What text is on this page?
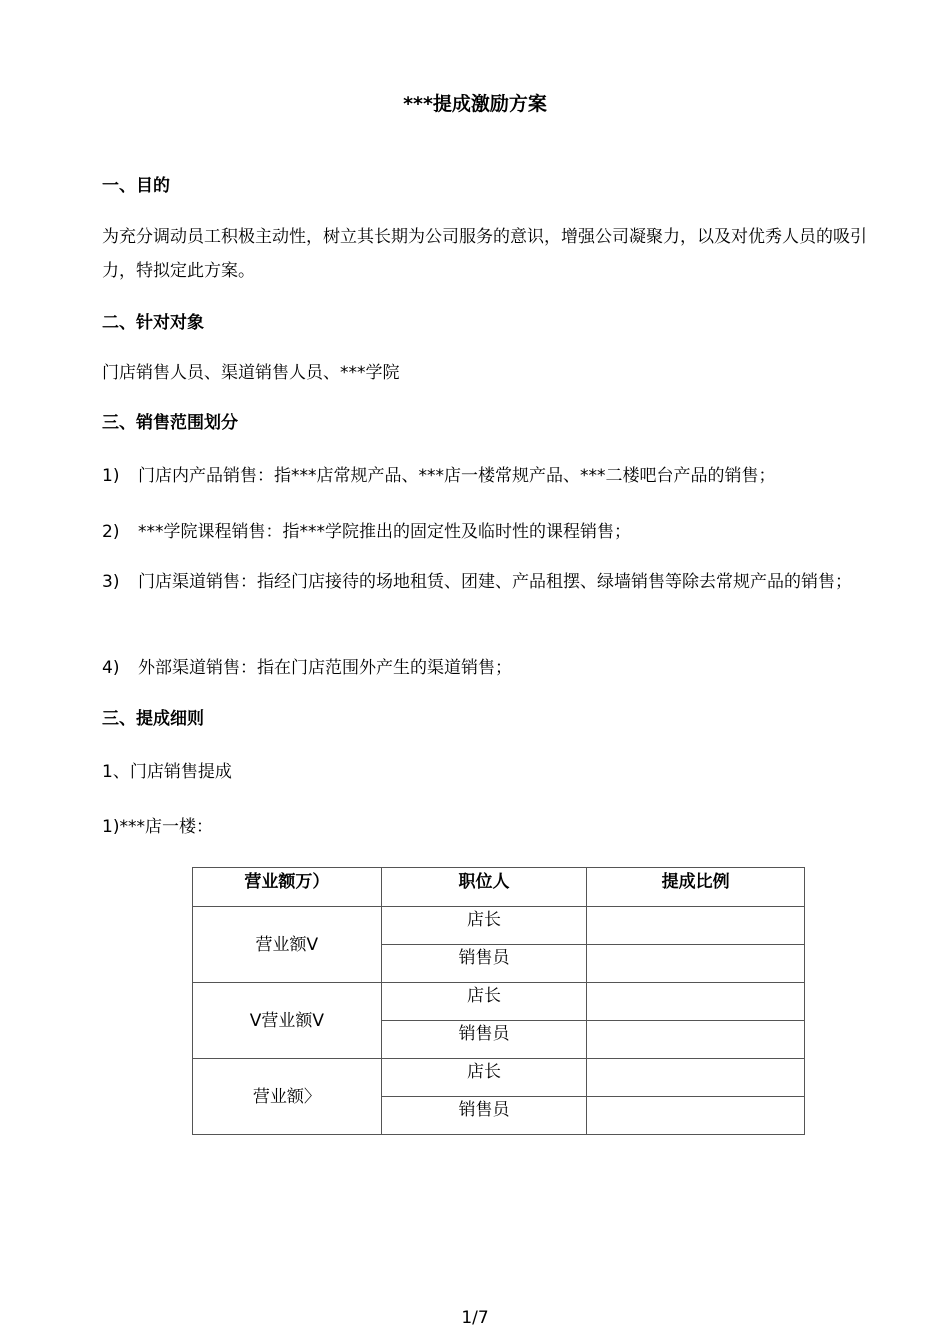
***提成激励方案
一、目的
为充分调动员工积极主动性，树立其长期为公司服务的意识，增强公司凝聚力，以及对优秀人员的吸引力，特拟定此方案。
二、针对对象
门店销售人员、渠道销售人员、***学院
三、销售范围划分
1) 门店内产品销售：指***店常规产品、***店一楼常规产品、***二楼吧台产品的销售；
2) ***学院课程销售：指***学院推出的固定性及临时性的课程销售；
3) 门店渠道销售：指经门店接待的场地租赁、团建、产品租摆、绿墙销售等除去常规产品的销售；
4) 外部渠道销售：指在门店范围外产生的渠道销售；
三、提成细则
1、门店销售提成
1)***店一楼：
营业额万）	职位人	提成比例
营业额Ⅴ	店长	
	销售员	
Ⅴ营业额Ⅴ	店长	
	销售员	
营业额〉	店长	
	销售员	
1/7
